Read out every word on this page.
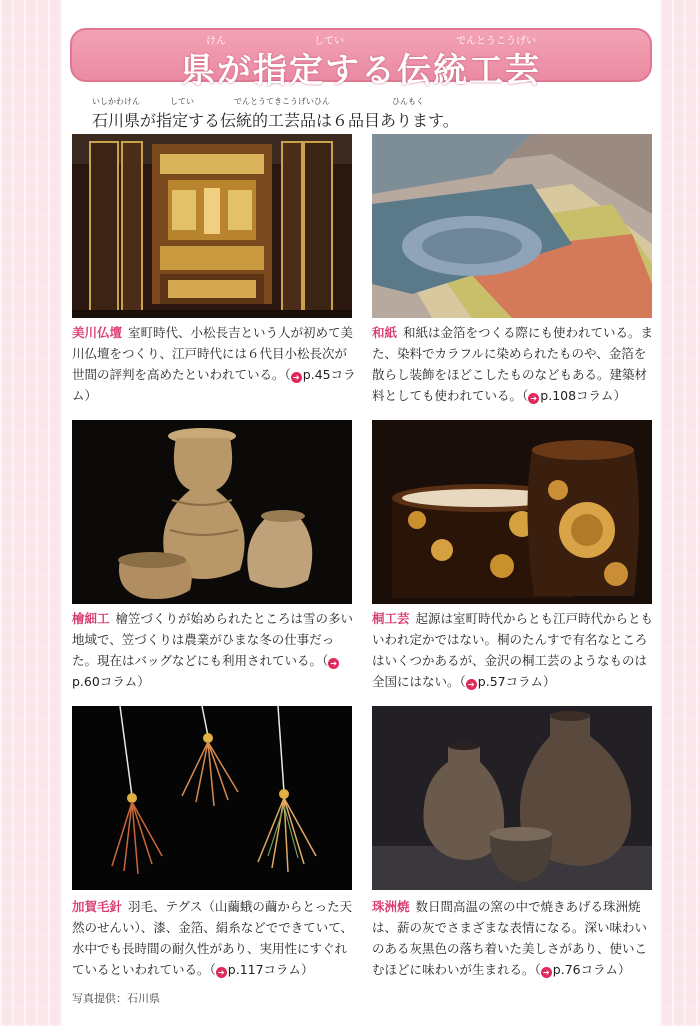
けん	してい	でんとうこうげい
県が指定する伝統工芸
いしかわけん	してい	でんとうてきこうげいひん	ひんもく
石川県が指定する伝統的工芸品は６品目あります。
美川仏壇 室町時代、小松長吉という人が初めて美川仏壇をつくり、江戸時代には６代目小松長次が世間の評判を高めたといわれている。（ ➔ p.45コラム）
和紙 和紙は金箔をつくる際にも使われている。また、染料でカラフルに染められたものや、金箔を散らし装飾をほどこしたものなどもある。建築材料としても使われている。（ ➔ p.108コラム）
檜細工 檜笠づくりが始められたところは雪の多い地域で、笠づくりは農業がひまな冬の仕事だった。現在はバッグなどにも利用されている。（ ➔p.60コラム）
桐工芸 起源は室町時代からとも江戸時代からともいわれ定かではない。桐のたんすで有名なところはいくつかあるが、金沢の桐工芸のようなものは全国にはない。（ ➔ p.57コラム）
加賀毛針 羽毛、テグス（山繭蛾の繭からとった天然のせんい）、漆、金箔、絹糸などでできていて、水中でも長時間の耐久性があり、実用性にすぐれているといわれている。（ ➔ p.117コラム）
珠洲焼 数日間高温の窯の中で焼きあげる珠洲焼は、薪の灰でさまざまな表情になる。深い味わいのある灰黒色の落ち着いた美しさがあり、使いこむほどに味わいが生まれる。（ ➔ p.76コラム）
写真提供：石川県
